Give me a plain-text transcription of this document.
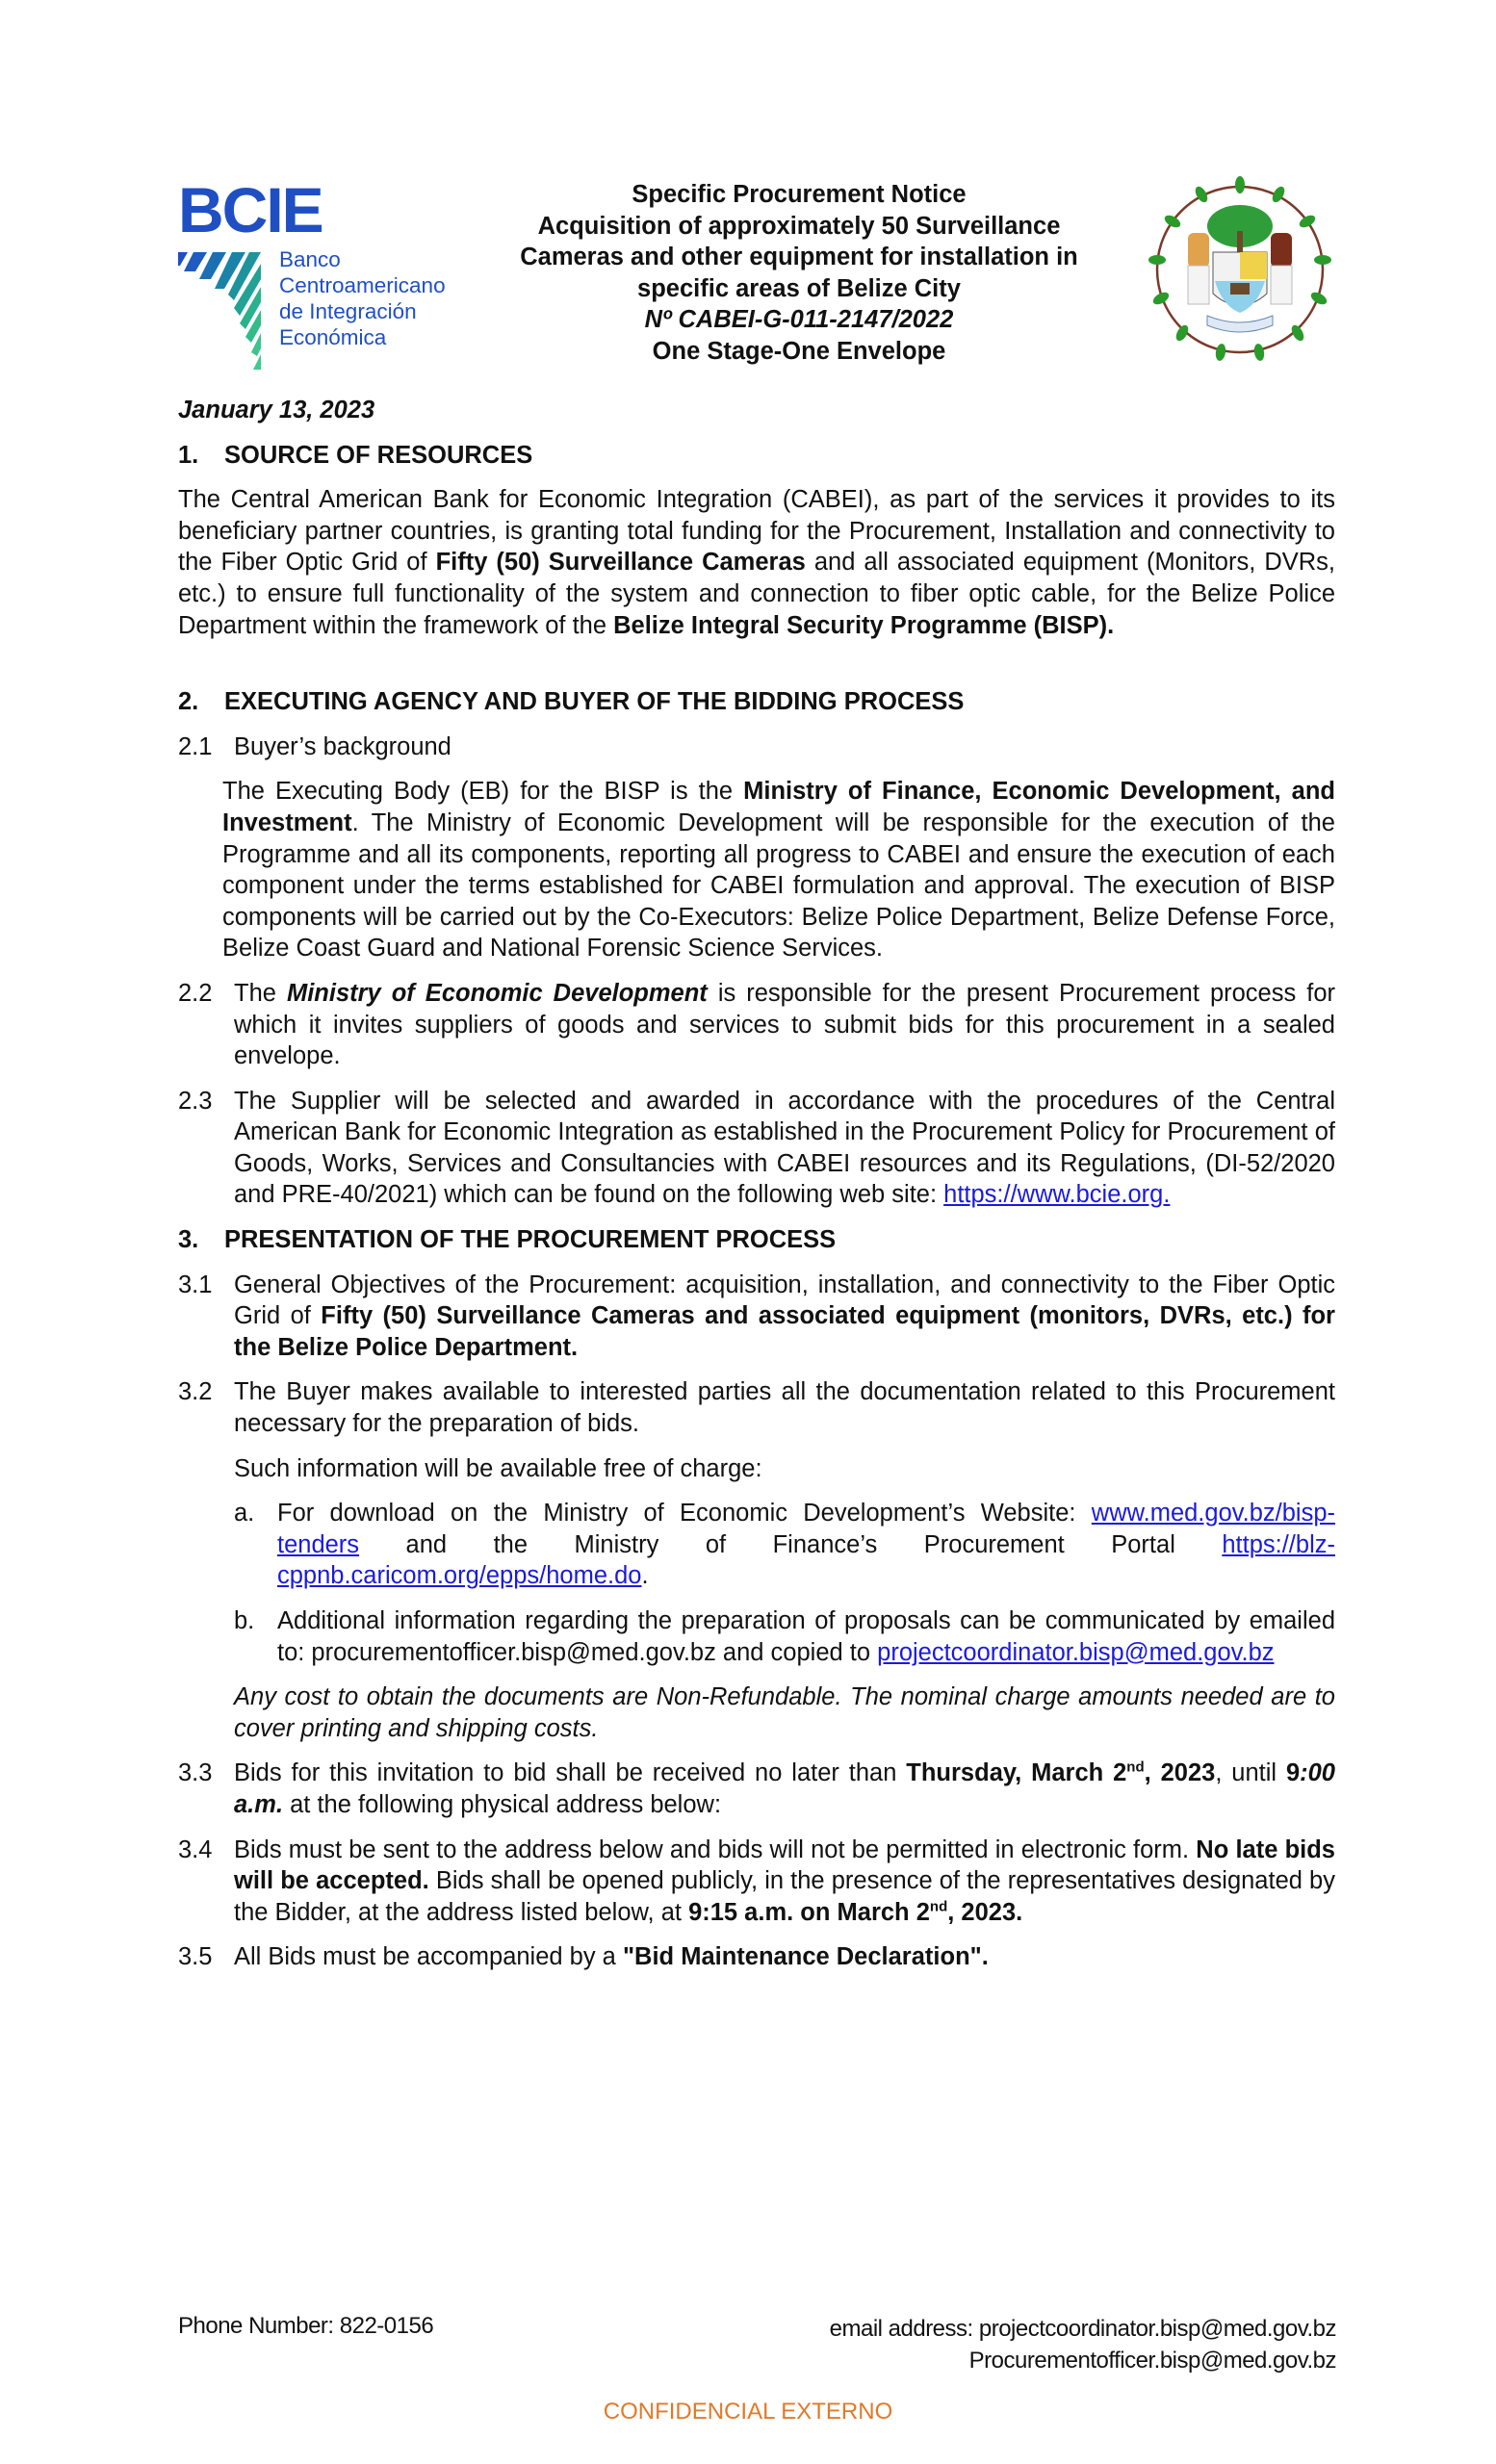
BCIE
Banco
Centroamericano
de Integración
Económica
Specific Procurement Notice
Acquisition of approximately 50 Surveillance
Cameras and other equipment for installation in
specific areas of Belize City
Nº CABEI-G-011-2147/2022
One Stage-One Envelope

January 13, 2023

1.	SOURCE OF RESOURCES

The Central American Bank for Economic Integration (CABEI), as part of the services it provides to its beneficiary partner countries, is granting total funding for the Procurement, Installation and connectivity to the Fiber Optic Grid of Fifty (50) Surveillance Cameras and all associated equipment (Monitors, DVRs, etc.) to ensure full functionality of the system and connection to fiber optic cable, for the Belize Police Department within the framework of the Belize Integral Security Programme (BISP).

2.	EXECUTING AGENCY AND BUYER OF THE BIDDING PROCESS
2.1 Buyer’s background

The Executing Body (EB) for the BISP is the Ministry of Finance, Economic Development, and Investment. The Ministry of Economic Development will be responsible for the execution of the Programme and all its components, reporting all progress to CABEI and ensure the execution of each component under the terms established for CABEI formulation and approval. The execution of BISP components will be carried out by the Co-Executors: Belize Police Department, Belize Defense Force, Belize Coast Guard and National Forensic Science Services.

2.2 The Ministry of Economic Development is responsible for the present Procurement process for which it invites suppliers of goods and services to submit bids for this procurement in a sealed envelope.
2.3 The Supplier will be selected and awarded in accordance with the procedures of the Central American Bank for Economic Integration as established in the Procurement Policy for Procurement of Goods, Works, Services and Consultancies with CABEI resources and its Regulations, (DI-52/2020 and PRE-40/2021) which can be found on the following web site: https://www.bcie.org.
3.	PRESENTATION OF THE PROCUREMENT PROCESS
3.1 General Objectives of the Procurement: acquisition, installation, and connectivity to the Fiber Optic Grid of Fifty (50) Surveillance Cameras and associated equipment (monitors, DVRs, etc.) for the Belize Police Department.
3.2 The Buyer makes available to interested parties all the documentation related to this Procurement necessary for the preparation of bids.

Such information will be available free of charge:

a. For download on the Ministry of Economic Development’s Website: www.med.gov.bz/bisp-tenders and the Ministry of Finance’s Procurement Portal https://blz-cppnb.caricom.org/epps/home.do.
b. Additional information regarding the preparation of proposals can be communicated by emailed to: procurementofficer.bisp@med.gov.bz and copied to projectcoordinator.bisp@med.gov.bz

Any cost to obtain the documents are Non-Refundable. The nominal charge amounts needed are to cover printing and shipping costs.

3.3 Bids for this invitation to bid shall be received no later than Thursday, March 2nd, 2023, until 9:00 a.m. at the following physical address below:
3.4 Bids must be sent to the address below and bids will not be permitted in electronic form. No late bids will be accepted. Bids shall be opened publicly, in the presence of the representatives designated by the Bidder, at the address listed below, at 9:15 a.m. on March 2nd, 2023.
3.5 All Bids must be accompanied by a "Bid Maintenance Declaration".
Phone Number: 822-0156	email address: projectcoordinator.bisp@med.gov.bz
Procurementofficer.bisp@med.gov.bz
CONFIDENCIAL EXTERNO
